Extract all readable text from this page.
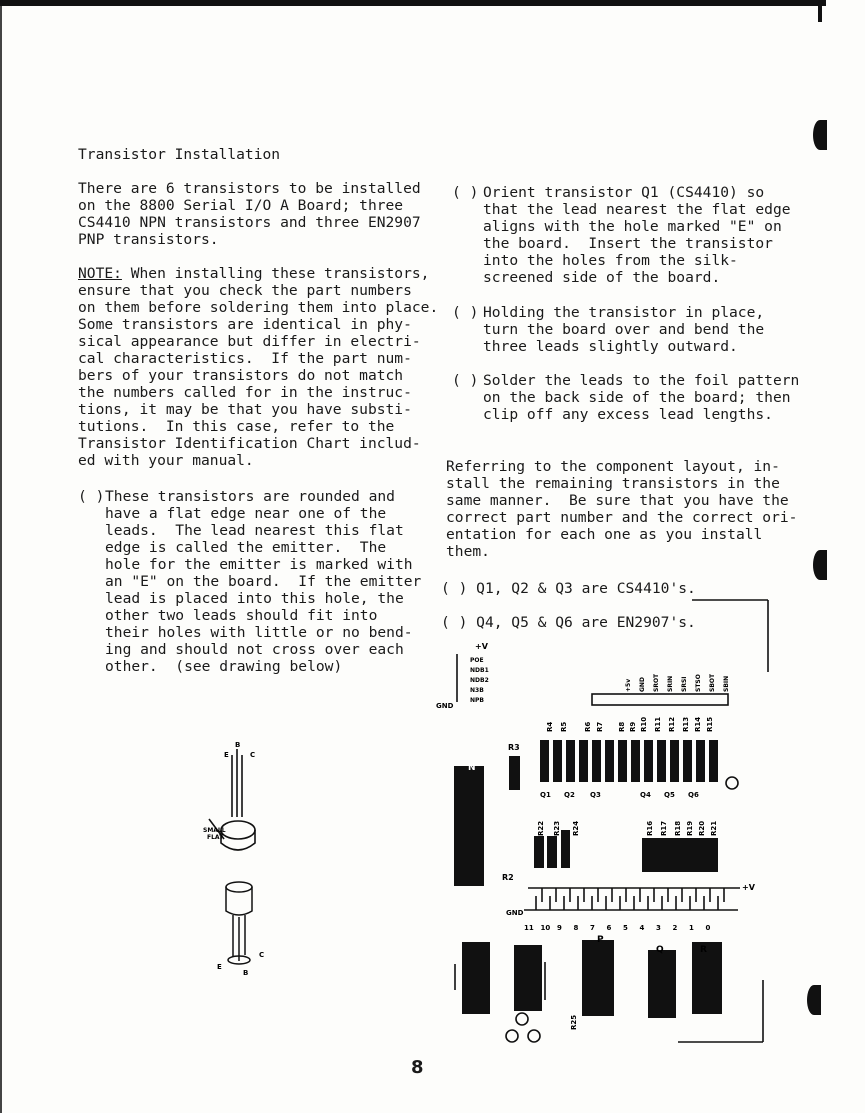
Transistor Installation
There are 6 transistors to be installed
on the 8800 Serial I/O A Board; three
CS4410 NPN transistors and three EN2907
PNP transistors.
NOTE: When installing these transistors,
ensure that you check the part numbers
on them before soldering them into place.
Some transistors are identical in phy-
sical appearance but differ in electri-
cal characteristics.  If the part num-
bers of your transistors do not match
the numbers called for in the instruc-
tions, it may be that you have substi-
tutions.  In this case, refer to the
Transistor Identification Chart includ-
ed with your manual.
( ) These transistors are rounded and
have a flat edge near one of the
leads.  The lead nearest this flat
edge is called the emitter.  The
hole for the emitter is marked with
an "E" on the board.  If the emitter
lead is placed into this hole, the
other two leads should fit into
their holes with little or no bend-
ing and should not cross over each
other.  (see drawing below)
( ) Orient transistor Q1 (CS4410) so
that the lead nearest the flat edge
aligns with the hole marked "E" on
the board.  Insert the transistor
into the holes from the silk-
screened side of the board.
( ) Holding the transistor in place,
turn the board over and bend the
three leads slightly outward.
( ) Solder the leads to the foil pattern
on the back side of the board; then
clip off any excess lead lengths.
Referring to the component layout, in-
stall the remaining transistors in the
same manner.  Be sure that you have the
correct part number and the correct ori-
entation for each one as you install
them.
( ) Q1, Q2 & Q3 are CS4410's.
( ) Q4, Q5 & Q6 are EN2907's.
B
E	C
SMALL
FLAT
E
C
B
+V
POE
NDB1
NDB2
N3B
NPB
GND
+5v GND SROT SRIN SRSI STSO SBOT SBIN
R4 R5 R6 R7 R8 R9 R10 R11 R12 R13 R14 R15
R3
N
Q1 Q2 Q3	Q4 Q5 Q6
R22 R23 R24	R16 R17 R18 R19 R20 R21
R2
+V
GND
11 10 9 8 7 6 5 4 3 2 1 0
P
Q	R
R25
8
